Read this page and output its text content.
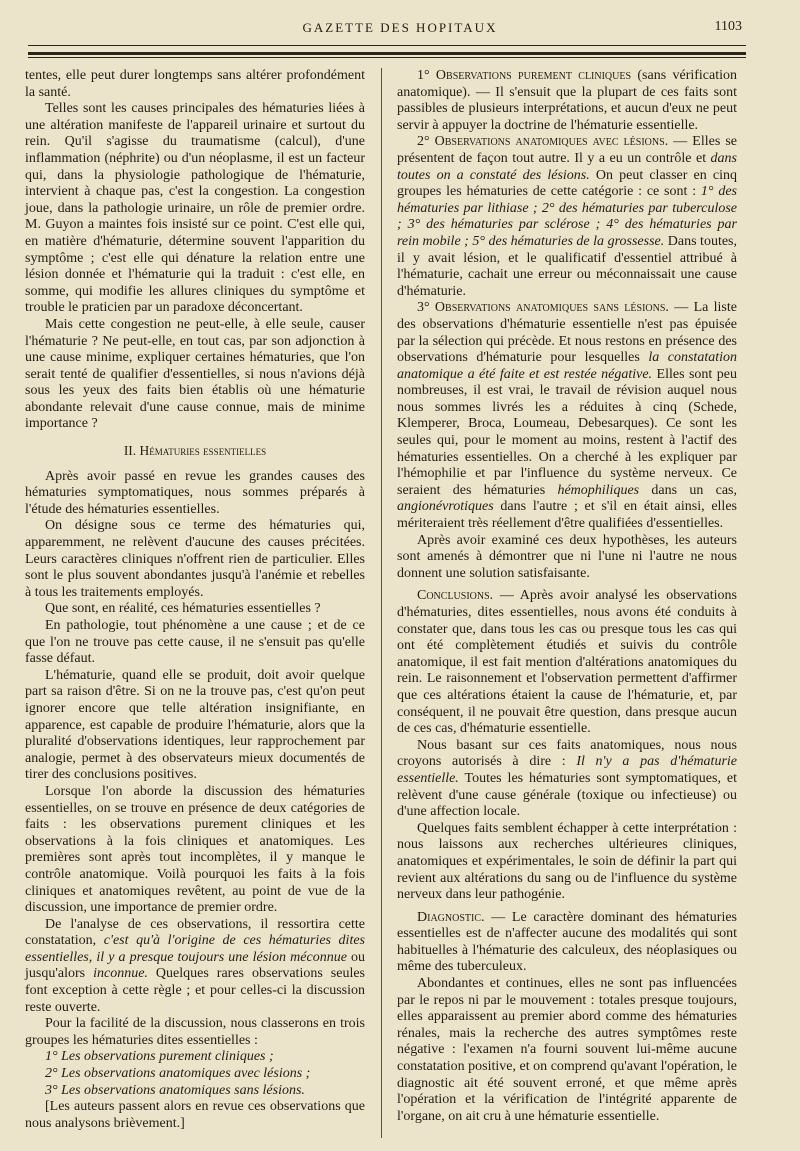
GAZETTE DES HOPITAUX	1103

tentes, elle peut durer longtemps sans altérer profondément la santé.

Telles sont les causes principales des hématuries liées à une altération manifeste de l'appareil urinaire et surtout du rein. Qu'il s'agisse du traumatisme (calcul), d'une inflammation (néphrite) ou d'un néoplasme, il est un facteur qui, dans la physiologie pathologique de l'hématurie, intervient à chaque pas, c'est la congestion. La congestion joue, dans la pathologie urinaire, un rôle de premier ordre. M. Guyon a maintes fois insisté sur ce point. C'est elle qui, en matière d'hématurie, détermine souvent l'apparition du symptôme ; c'est elle qui dénature la relation entre une lésion donnée et l'hématurie qui la traduit : c'est elle, en somme, qui modifie les allures cliniques du symptôme et trouble le praticien par un paradoxe déconcertant.

Mais cette congestion ne peut-elle, à elle seule, causer l'hématurie ? Ne peut-elle, en tout cas, par son adjonction à une cause minime, expliquer certaines hématuries, que l'on serait tenté de qualifier d'essentielles, si nous n'avions déjà sous les yeux des faits bien établis où une hématurie abondante relevait d'une cause connue, mais de minime importance ?

II. Hématuries essentielles

Après avoir passé en revue les grandes causes des hématuries symptomatiques, nous sommes préparés à l'étude des hématuries essentielles.

On désigne sous ce terme des hématuries qui, apparemment, ne relèvent d'aucune des causes précitées. Leurs caractères cliniques n'offrent rien de particulier. Elles sont le plus souvent abondantes jusqu'à l'anémie et rebelles à tous les traitements employés.

Que sont, en réalité, ces hématuries essentielles ?

En pathologie, tout phénomène a une cause ; et de ce que l'on ne trouve pas cette cause, il ne s'ensuit pas qu'elle fasse défaut.

L'hématurie, quand elle se produit, doit avoir quelque part sa raison d'être. Si on ne la trouve pas, c'est qu'on peut ignorer encore que telle altération insignifiante, en apparence, est capable de produire l'hématurie, alors que la pluralité d'observations identiques, leur rapprochement par analogie, permet à des observateurs mieux documentés de tirer des conclusions positives.

Lorsque l'on aborde la discussion des hématuries essentielles, on se trouve en présence de deux catégories de faits : les observations purement cliniques et les observations à la fois cliniques et anatomiques. Les premières sont après tout incomplètes, il y manque le contrôle anatomique. Voilà pourquoi les faits à la fois cliniques et anatomiques revêtent, au point de vue de la discussion, une importance de premier ordre.

De l'analyse de ces observations, il ressortira cette constatation, c'est qu'à l'origine de ces hématuries dites essentielles, il y a presque toujours une lésion méconnue ou jusqu'alors inconnue. Quelques rares observations seules font exception à cette règle ; et pour celles-ci la discussion reste ouverte.

Pour la facilité de la discussion, nous classerons en trois groupes les hématuries dites essentielles :

1° Les observations purement cliniques ;

2° Les observations anatomiques avec lésions ;

3° Les observations anatomiques sans lésions.

[Les auteurs passent alors en revue ces observations que nous analysons brièvement.]

1° Observations purement cliniques (sans vérification anatomique). — Il s'ensuit que la plupart de ces faits sont passibles de plusieurs interprétations, et aucun d'eux ne peut servir à appuyer la doctrine de l'hématurie essentielle.

2° Observations anatomiques avec lésions. — Elles se présentent de façon tout autre. Il y a eu un contrôle et dans toutes on a constaté des lésions. On peut classer en cinq groupes les hématuries de cette catégorie : ce sont : 1° des hématuries par lithiase ; 2° des hématuries par tuberculose ; 3° des hématuries par sclérose ; 4° des hématuries par rein mobile ; 5° des hématuries de la grossesse. Dans toutes, il y avait lésion, et le qualificatif d'essentiel attribué à l'hématurie, cachait une erreur ou méconnaissait une cause d'hématurie.

3° Observations anatomiques sans lésions. — La liste des observations d'hématurie essentielle n'est pas épuisée par la sélection qui précède. Et nous restons en présence des observations d'hématurie pour lesquelles la constatation anatomique a été faite et est restée négative. Elles sont peu nombreuses, il est vrai, le travail de révision auquel nous nous sommes livrés les a réduites à cinq (Schede, Klemperer, Broca, Loumeau, Debesarques). Ce sont les seules qui, pour le moment au moins, restent à l'actif des hématuries essentielles. On a cherché à les expliquer par l'hémophilie et par l'influence du système nerveux. Ce seraient des hématuries hémophiliques dans un cas, angionévrotiques dans l'autre ; et s'il en était ainsi, elles mériteraient très réellement d'être qualifiées d'essentielles.

Après avoir examiné ces deux hypothèses, les auteurs sont amenés à démontrer que ni l'une ni l'autre ne nous donnent une solution satisfaisante.

Conclusions. — Après avoir analysé les observations d'hématuries, dites essentielles, nous avons été conduits à constater que, dans tous les cas ou presque tous les cas qui ont été complètement étudiés et suivis du contrôle anatomique, il est fait mention d'altérations anatomiques du rein. Le raisonnement et l'observation permettent d'affirmer que ces altérations étaient la cause de l'hématurie, et, par conséquent, il ne pouvait être question, dans presque aucun de ces cas, d'hématurie essentielle.

Nous basant sur ces faits anatomiques, nous nous croyons autorisés à dire : Il n'y a pas d'hématurie essentielle. Toutes les hématuries sont symptomatiques, et relèvent d'une cause générale (toxique ou infectieuse) ou d'une affection locale.

Quelques faits semblent échapper à cette interprétation : nous laissons aux recherches ultérieures cliniques, anatomiques et expérimentales, le soin de définir la part qui revient aux altérations du sang ou de l'influence du système nerveux dans leur pathogénie.

Diagnostic. — Le caractère dominant des hématuries essentielles est de n'affecter aucune des modalités qui sont habituelles à l'hématurie des calculeux, des néoplasiques ou même des tuberculeux.

Abondantes et continues, elles ne sont pas influencées par le repos ni par le mouvement : totales presque toujours, elles apparaissent au premier abord comme des hématuries rénales, mais la recherche des autres symptômes reste négative : l'examen n'a fourni souvent lui-même aucune constatation positive, et on comprend qu'avant l'opération, le diagnostic ait été souvent erroné, et que même après l'opération et la vérification de l'intégrité apparente de l'organe, on ait cru à une hématurie essentielle.
